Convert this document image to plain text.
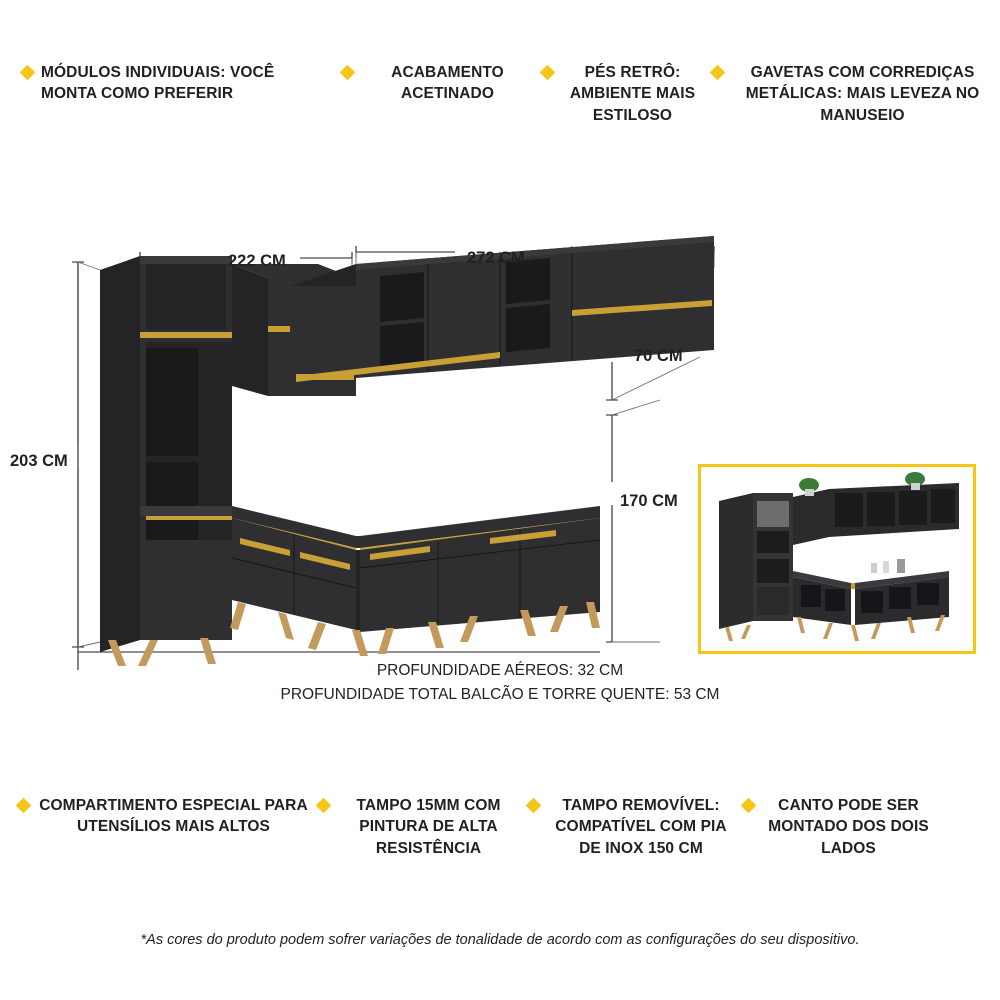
MÓDULOS INDIVIDUAIS: VOCÊ MONTA COMO PREFERIR
ACABAMENTO ACETINADO
PÉS RETRÔ: AMBIENTE MAIS ESTILOSO
GAVETAS COM CORREDIÇAS METÁLICAS: MAIS LEVEZA NO MANUSEIO
222 CM	272 CM
70 CM
170 CM
203 CM
PROFUNDIDADE AÉREOS: 32 CM
PROFUNDIDADE TOTAL BALCÃO E TORRE QUENTE: 53 CM
COMPARTIMENTO ESPECIAL PARA UTENSÍLIOS MAIS ALTOS
TAMPO 15MM COM PINTURA DE ALTA RESISTÊNCIA
TAMPO REMOVÍVEL: COMPATÍVEL COM PIA DE INOX 150 CM
CANTO PODE SER MONTADO DOS DOIS LADOS
*As cores do produto podem sofrer variações de tonalidade de acordo com as configurações do seu dispositivo.
